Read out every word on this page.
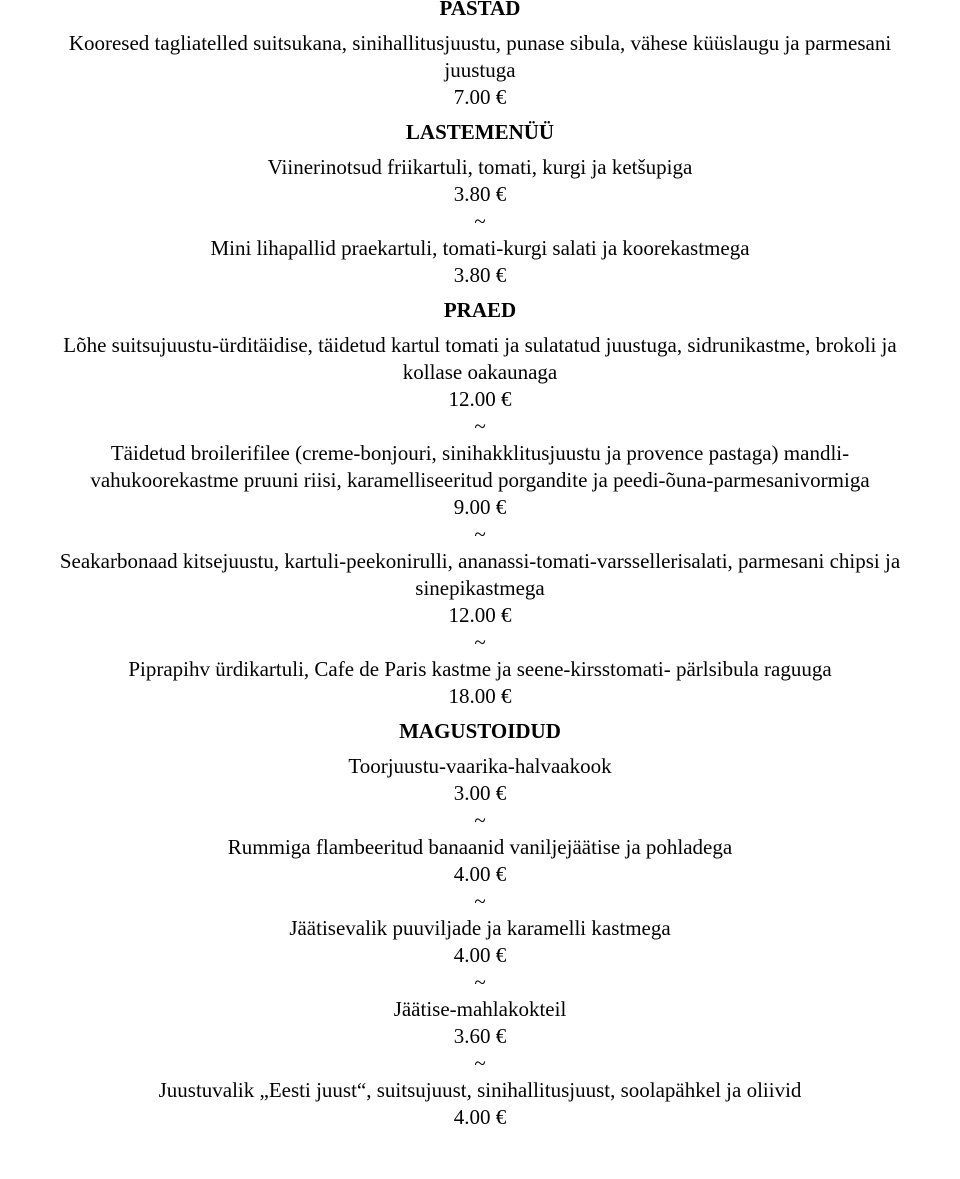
PASTAD
Kooresed tagliatelled suitsukana, sinihallitusjuustu, punase sibula, vähese küüslaugu ja parmesani
juustuga
7.00 €
LASTEMENÜÜ
Viinerinotsud friikartuli, tomati, kurgi ja ketšupiga
3.80 €
~
Mini lihapallid praekartuli, tomati-kurgi salati ja koorekastmega
3.80 €
PRAED
Lõhe suitsujuustu-ürditäidise, täidetud kartul tomati ja sulatatud juustuga, sidrunikastme, brokoli ja
kollase oakaunaga
12.00 €
~
Täidetud broilerifilee (creme-bonjouri, sinihakklitusjuustu ja provence pastaga) mandli-
vahukoorekastme pruuni riisi, karamelliseeritud porgandite ja peedi-õuna-parmesanivormiga
9.00 €
~
Seakarbonaad kitsejuustu, kartuli-peekonirulli, ananassi-tomati-varssellerisalati, parmesani chipsi ja
sinepikastmega
12.00 €
~
Piprapihv ürdikartuli, Cafe de Paris kastme ja seene-kirsstomati- pärlsibula raguuga
18.00 €
MAGUSTOIDUD
Toorjuustu-vaarika-halvaakook
3.00 €
~
Rummiga flambeeritud banaanid vaniljejäätise ja pohladega
4.00 €
~
Jäätisevalik puuviljade ja karamelli kastmega
4.00 €
~
Jäätise-mahlakokteil
3.60 €
~
Juustuvalik „Eesti juust“, suitsujuust, sinihallitusjuust, soolapähkel ja oliivid
4.00 €
